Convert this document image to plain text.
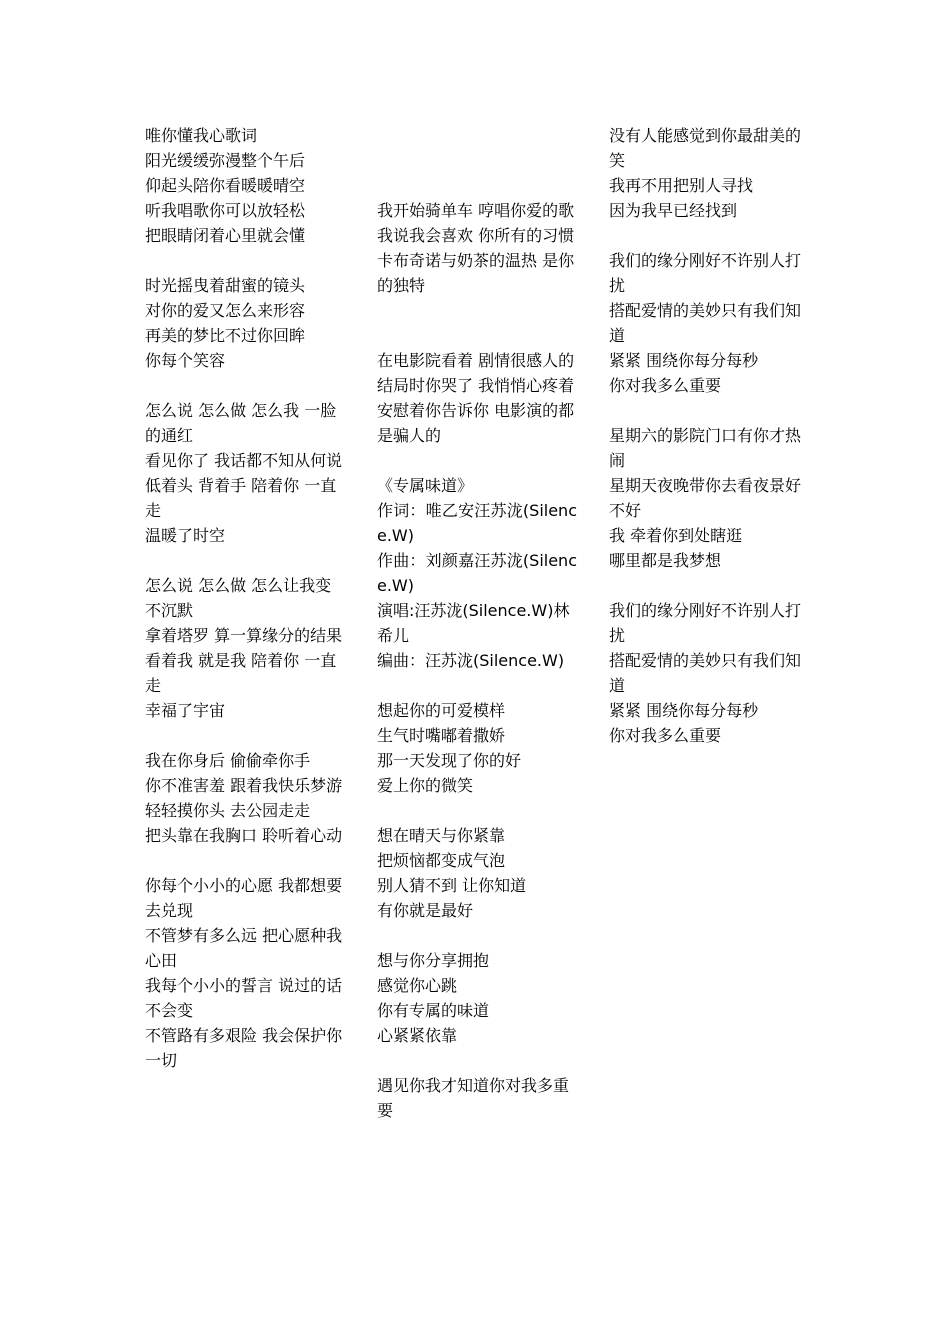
唯你懂我心歌词
阳光缓缓弥漫整个午后
仰起头陪你看暖暖晴空
听我唱歌你可以放轻松
把眼睛闭着心里就会懂
时光摇曳着甜蜜的镜头
对你的爱又怎么来形容
再美的梦比不过你回眸
你每个笑容
怎么说 怎么做 怎么我 一脸的通红
看见你了 我话都不知从何说
低着头 背着手 陪着你 一直走
温暖了时空
怎么说 怎么做 怎么让我变不沉默
拿着塔罗 算一算缘分的结果
看着我 就是我 陪着你 一直走
幸福了宇宙
我在你身后 偷偷牵你手
你不准害羞 跟着我快乐梦游
轻轻摸你头 去公园走走
把头靠在我胸口 聆听着心动
你每个小小的心愿 我都想要去兑现
不管梦有多么远 把心愿种我心田
我每个小小的誓言 说过的话不会变
不管路有多艰险 我会保护你一切
我开始骑单车 哼唱你爱的歌
我说我会喜欢 你所有的习惯
卡布奇诺与奶茶的温热 是你的独特
在电影院看着 剧情很感人的
结局时你哭了 我悄悄心疼着
安慰着你告诉你 电影演的都是骗人的
《专属味道》
作词：唯乙安汪苏泷(Silence.W)
作曲：刘颜嘉汪苏泷(Silence.W)
演唱:汪苏泷(Silence.W)林希儿
编曲：汪苏泷(Silence.W)
想起你的可爱模样
生气时嘴嘟着撒娇
那一天发现了你的好
爱上你的微笑
想在晴天与你紧靠
把烦恼都变成气泡
别人猜不到 让你知道
有你就是最好
想与你分享拥抱
感觉你心跳
你有专属的味道
心紧紧依靠
遇见你我才知道你对我多重要
没有人能感觉到你最甜美的笑
我再不用把别人寻找
因为我早已经找到
我们的缘分刚好不许别人打扰
搭配爱情的美妙只有我们知道
紧紧 围绕你每分每秒
你对我多么重要
星期六的影院门口有你才热闹
星期天夜晚带你去看夜景好不好
我 牵着你到处瞎逛
哪里都是我梦想
我们的缘分刚好不许别人打扰
搭配爱情的美妙只有我们知道
紧紧 围绕你每分每秒
你对我多么重要
